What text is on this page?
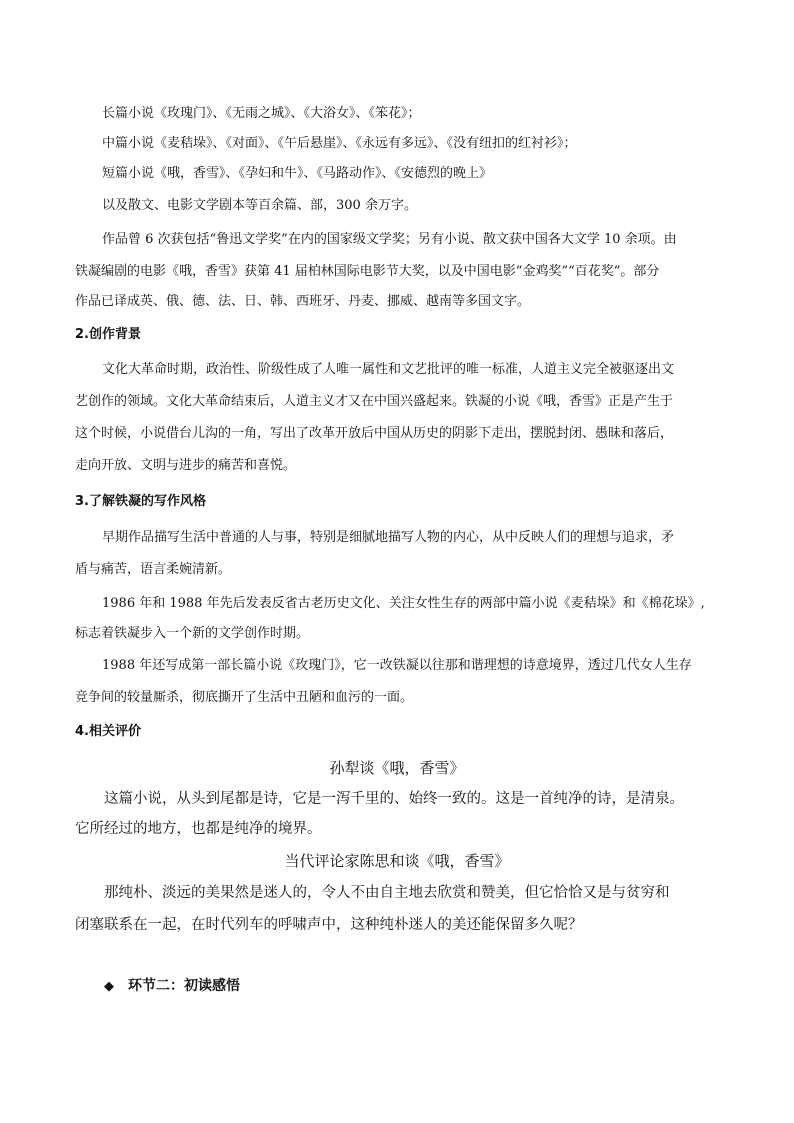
长篇小说《玫瑰门》、《无雨之城》、《大浴女》、《笨花》；

中篇小说《麦秸垛》、《对面》、《午后悬崖》、《永远有多远》、《没有纽扣的红衬衫》；

短篇小说《哦，香雪》、《孕妇和牛》、《马路动作》、《安德烈的晚上》

以及散文、电影文学剧本等百余篇、部，300 余万字。

作品曾 6 次获包括“鲁迅文学奖”在内的国家级文学奖；另有小说、散文获中国各大文学 10 余项。由

铁凝编剧的电影《哦，香雪》获第 41 届柏林国际电影节大奖，以及中国电影“金鸡奖”“百花奖”。部分

作品已译成英、俄、德、法、日、韩、西班牙、丹麦、挪威、越南等多国文字。

2.创作背景

文化大革命时期，政治性、阶级性成了人唯一属性和文艺批评的唯一标准，人道主义完全被驱逐出文

艺创作的领域。文化大革命结束后，人道主义才又在中国兴盛起来。铁凝的小说《哦，香雪》正是产生于

这个时候，小说借台儿沟的一角，写出了改革开放后中国从历史的阴影下走出，摆脱封闭、愚昧和落后，

走向开放、文明与进步的痛苦和喜悦。

3.了解铁凝的写作风格

早期作品描写生活中普通的人与事，特别是细腻地描写人物的内心，从中反映人们的理想与追求，矛

盾与痛苦，语言柔婉清新。

1986 年和 1988 年先后发表反省古老历史文化、关注女性生存的两部中篇小说《麦秸垛》和《棉花垛》,

标志着铁凝步入一个新的文学创作时期。

1988 年还写成第一部长篇小说《玫瑰门》，它一改铁凝以往那和谐理想的诗意境界，透过几代女人生存

竞争间的较量厮杀，彻底撕开了生活中丑陋和血污的一面。

4.相关评价

孙犁谈《哦，香雪》

这篇小说，从头到尾都是诗，它是一泻千里的、始终一致的。这是一首纯净的诗，是清泉。

它所经过的地方，也都是纯净的境界。

当代评论家陈思和谈《哦，香雪》

那纯朴、淡远的美果然是迷人的，令人不由自主地去欣赏和赞美，但它恰恰又是与贫穷和

闭塞联系在一起，在时代列车的呼啸声中，这种纯朴迷人的美还能保留多久呢？

◆ 环节二：初读感悟
